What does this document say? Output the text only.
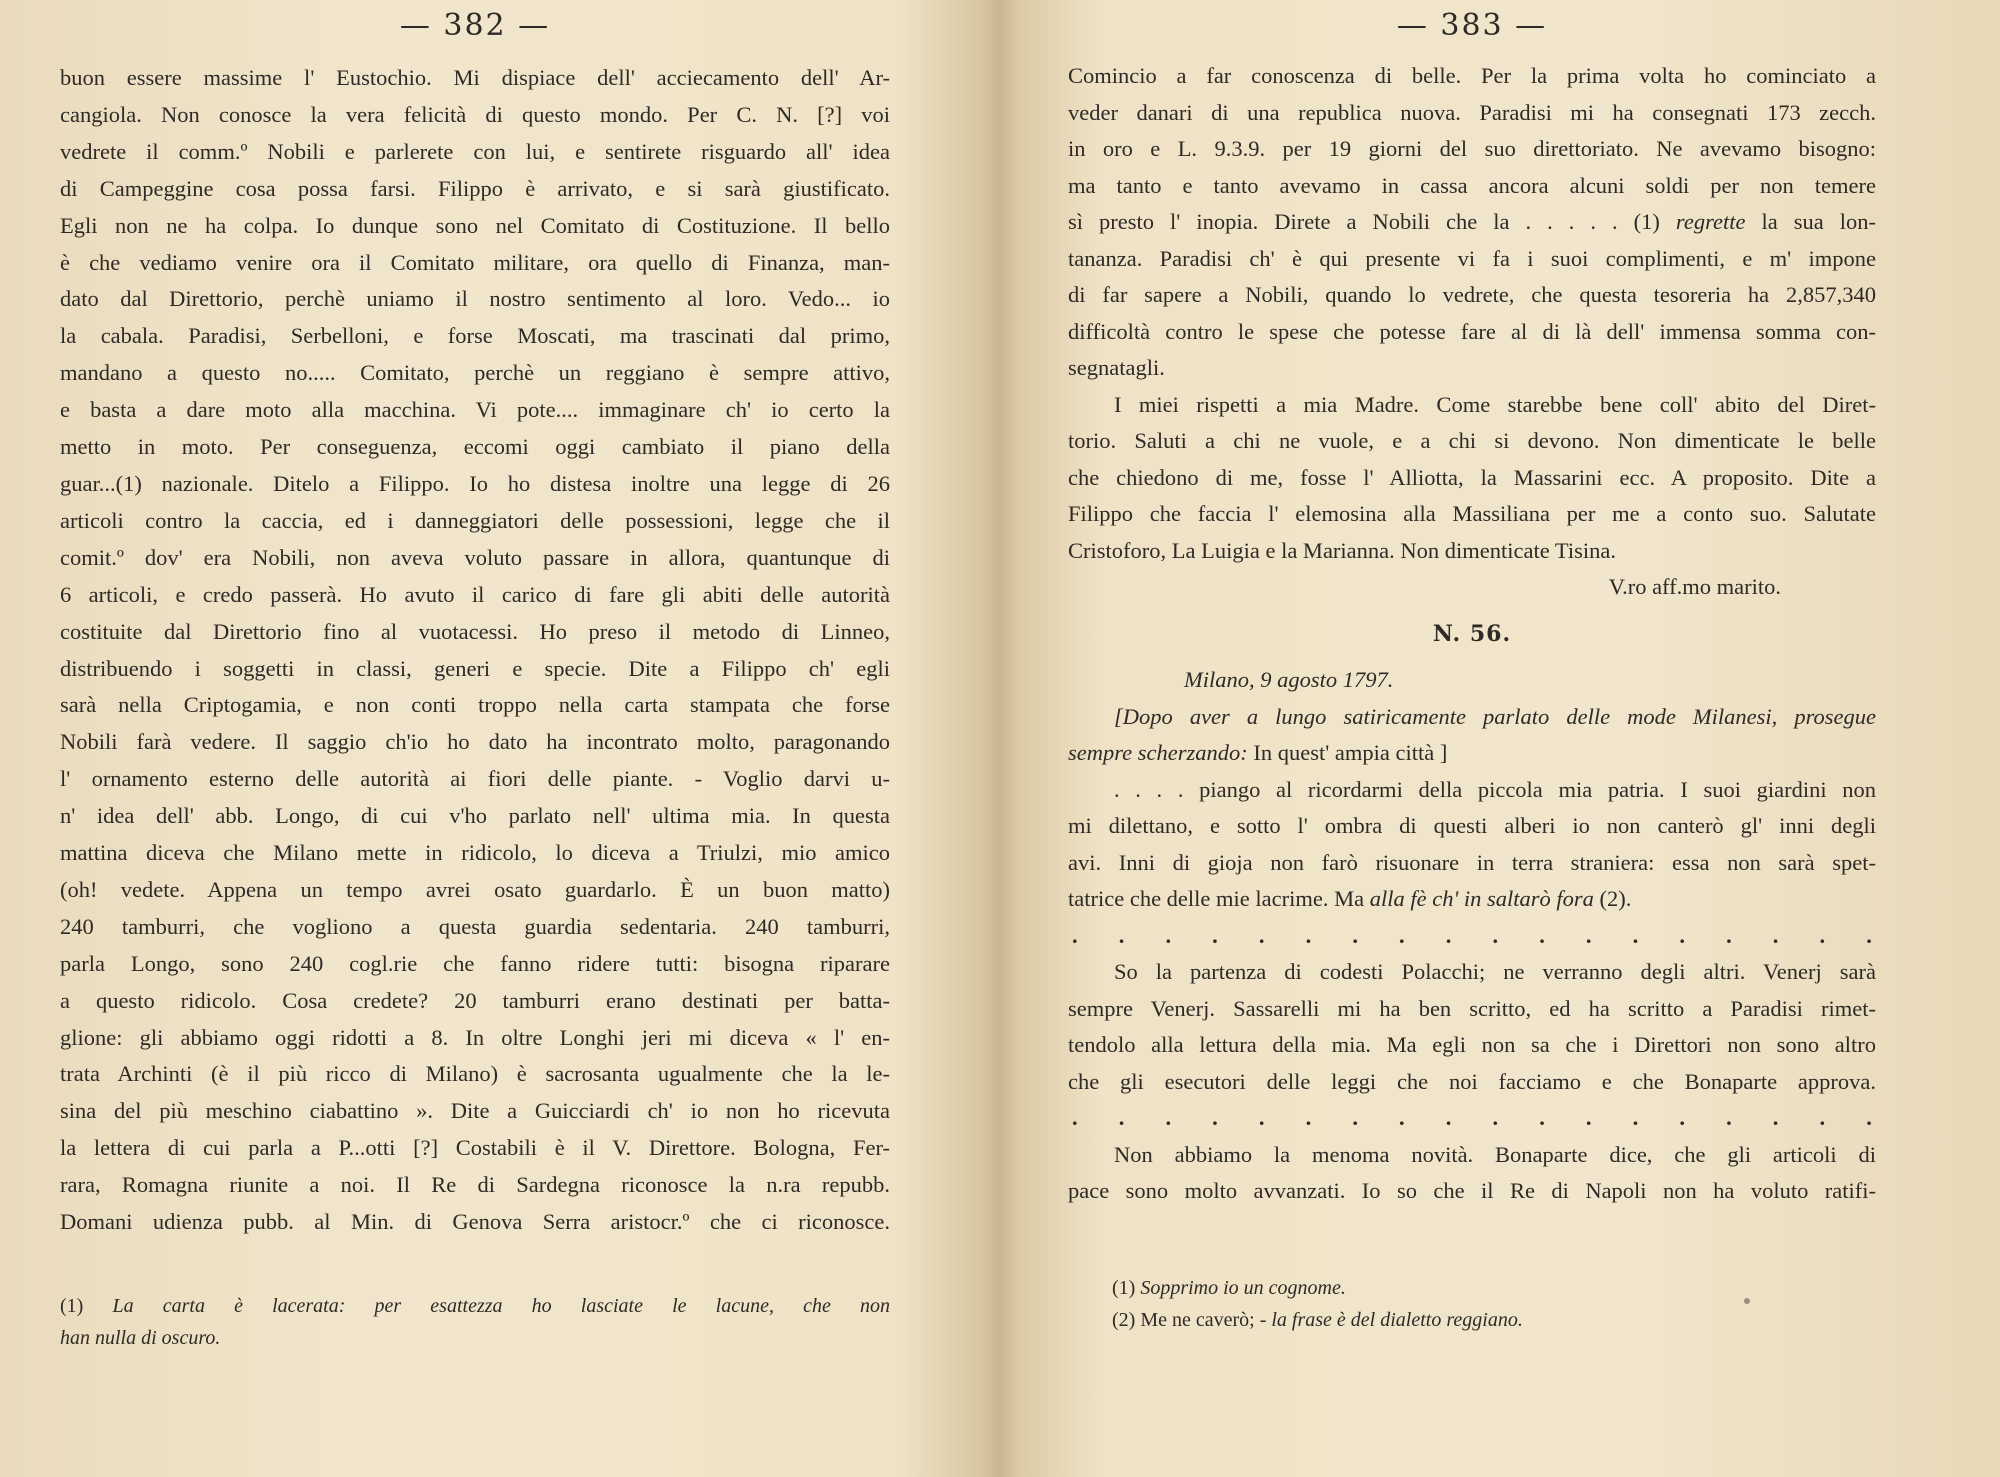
— 382 —
buon essere massime l' Eustochio. Mi dispiace dell' acciecamento dell' Ar-
cangiola. Non conosce la vera felicità di questo mondo. Per C. N. [?] voi
vedrete il comm.º Nobili e parlerete con lui, e sentirete risguardo all' idea
di Campeggine cosa possa farsi. Filippo è arrivato, e si sarà giustificato.
Egli non ne ha colpa. Io dunque sono nel Comitato di Costituzione. Il bello
è che vediamo venire ora il Comitato militare, ora quello di Finanza, man-
dato dal Direttorio, perchè uniamo il nostro sentimento al loro. Vedo... io
la cabala. Paradisi, Serbelloni, e forse Moscati, ma trascinati dal primo,
mandano a questo no..... Comitato, perchè un reggiano è sempre attivo,
e basta a dare moto alla macchina. Vi pote.... immaginare ch' io certo la
metto in moto. Per conseguenza, eccomi oggi cambiato il piano della
guar...(1) nazionale. Ditelo a Filippo. Io ho distesa inoltre una legge di 26
articoli contro la caccia, ed i danneggiatori delle possessioni, legge che il
comit.º dov' era Nobili, non aveva voluto passare in allora, quantunque di
6 articoli, e credo passerà. Ho avuto il carico di fare gli abiti delle autorità
costituite dal Direttorio fino al vuotacessi. Ho preso il metodo di Linneo,
distribuendo i soggetti in classi, generi e specie. Dite a Filippo ch' egli
sarà nella Criptogamia, e non conti troppo nella carta stampata che forse
Nobili farà vedere. Il saggio ch'io ho dato ha incontrato molto, paragonando
l' ornamento esterno delle autorità ai fiori delle piante. - Voglio darvi u-
n' idea dell' abb. Longo, di cui v'ho parlato nell' ultima mia. In questa
mattina diceva che Milano mette in ridicolo, lo diceva a Triulzi, mio amico
(oh! vedete. Appena un tempo avrei osato guardarlo. È un buon matto)
240 tamburri, che vogliono a questa guardia sedentaria. 240 tamburri,
parla Longo, sono 240 cogl.rie che fanno ridere tutti: bisogna riparare
a questo ridicolo. Cosa credete? 20 tamburri erano destinati per batta-
glione: gli abbiamo oggi ridotti a 8. In oltre Longhi jeri mi diceva « l' en-
trata Archinti (è il più ricco di Milano) è sacrosanta ugualmente che la le-
sina del più meschino ciabattino ». Dite a Guicciardi ch' io non ho ricevuta
la lettera di cui parla a P...otti [?] Costabili è il V. Direttore. Bologna, Fer-
rara, Romagna riunite a noi. Il Re di Sardegna riconosce la n.ra repubb.
Domani udienza pubb. al Min. di Genova Serra aristocr.º che ci riconosce.
(1) La carta è lacerata: per esattezza ho lasciate le lacune, che non
han nulla di oscuro.
— 383 —
Comincio a far conoscenza di belle. Per la prima volta ho cominciato a
veder danari di una republica nuova. Paradisi mi ha consegnati 173 zecch.
in oro e L. 9.3.9. per 19 giorni del suo direttoriato. Ne avevamo bisogno:
ma tanto e tanto avevamo in cassa ancora alcuni soldi per non temere
sì presto l' inopia. Direte a Nobili che la . . . . . (1) regrette la sua lon-
tananza. Paradisi ch' è qui presente vi fa i suoi complimenti, e m' impone
di far sapere a Nobili, quando lo vedrete, che questa tesoreria ha 2,857,340
difficoltà contro le spese che potesse fare al di là dell' immensa somma con-
segnatagli.
I miei rispetti a mia Madre. Come starebbe bene coll' abito del Diret-
torio. Saluti a chi ne vuole, e a chi si devono. Non dimenticate le belle
che chiedono di me, fosse l' Alliotta, la Massarini ecc. A proposito. Dite a
Filippo che faccia l' elemosina alla Massiliana per me a conto suo. Salutate
Cristoforo, La Luigia e la Marianna. Non dimenticate Tisina.
V.ro aff.mo marito.
N. 56.
Milano, 9 agosto 1797.
[Dopo aver a lungo satiricamente parlato delle mode Milanesi, prosegue
sempre scherzando: In quest' ampia città ]
. . . . piango al ricordarmi della piccola mia patria. I suoi giardini non
mi dilettano, e sotto l' ombra di questi alberi io non canterò gl' inni degli
avi. Inni di gioja non farò risuonare in terra straniera: essa non sarà spet-
tatrice che delle mie lacrime. Ma alla fè ch' in saltarò fora (2).
. . . . . . . . . . . . . . . . . .
So la partenza di codesti Polacchi; ne verranno degli altri. Venerj sarà
sempre Venerj. Sassarelli mi ha ben scritto, ed ha scritto a Paradisi rimet-
tendolo alla lettura della mia. Ma egli non sa che i Direttori non sono altro
che gli esecutori delle leggi che noi facciamo e che Bonaparte approva.
. . . . . . . . . . . . . . . . . .
Non abbiamo la menoma novità. Bonaparte dice, che gli articoli di
pace sono molto avvanzati. Io so che il Re di Napoli non ha voluto ratifi-
(1) Sopprimo io un cognome.
(2) Me ne caverò; - la frase è del dialetto reggiano.
